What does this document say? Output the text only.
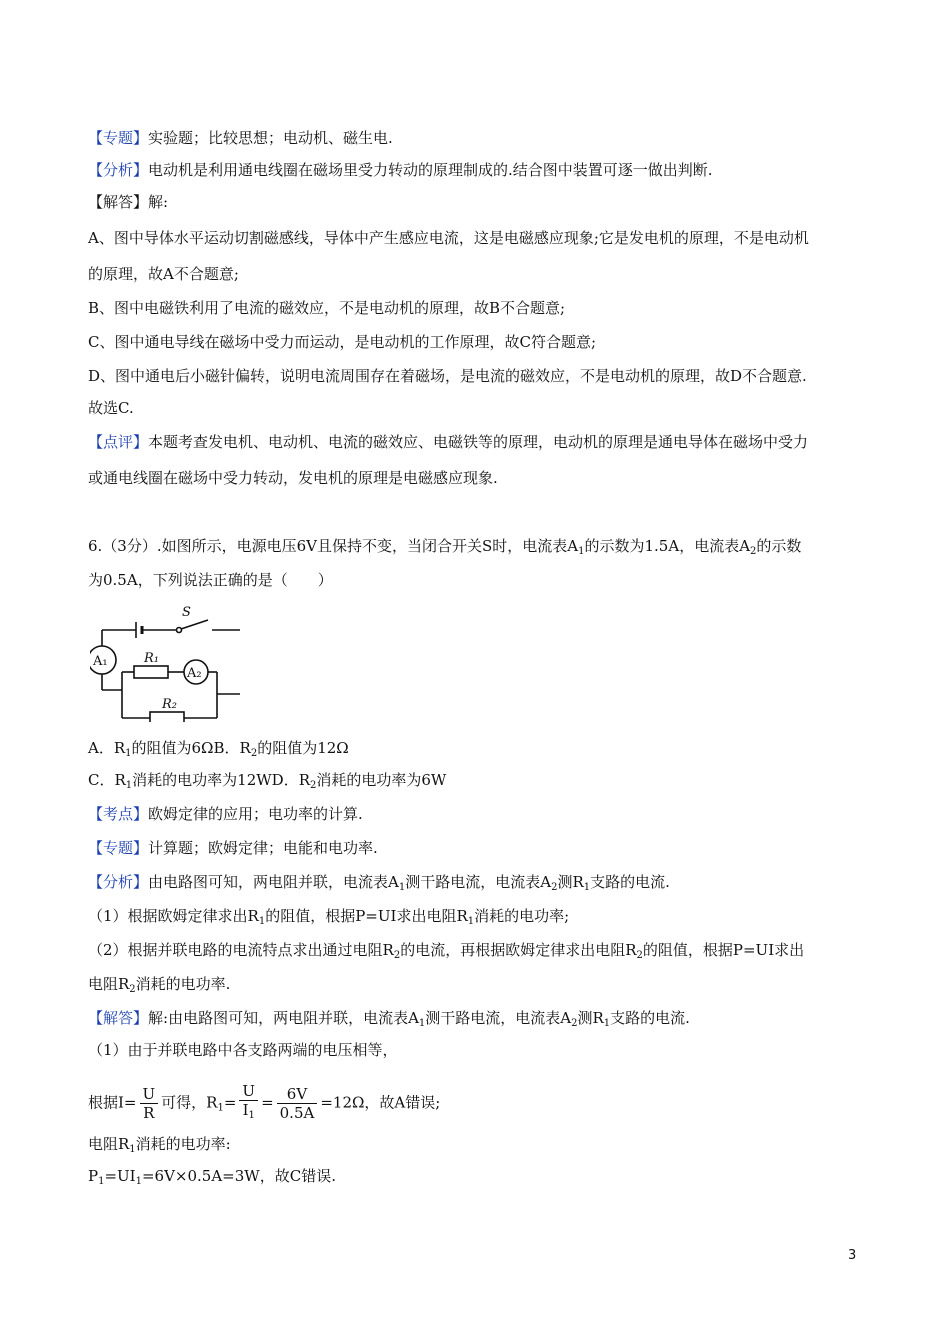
【专题】实验题；比较思想；电动机、磁生电.
【分析】电动机是利用通电线圈在磁场里受力转动的原理制成的.结合图中装置可逐一做出判断.
【解答】解:
A、图中导体水平运动切割磁感线，导体中产生感应电流，这是电磁感应现象;它是发电机的原理，不是电动机
的原理，故A不合题意;
B、图中电磁铁利用了电流的磁效应，不是电动机的原理，故B不合题意;
C、图中通电导线在磁场中受力而运动，是电动机的工作原理，故C符合题意;
D、图中通电后小磁针偏转，说明电流周围存在着磁场，是电流的磁效应，不是电动机的原理，故D不合题意.
故选C.
【点评】本题考查发电机、电动机、电流的磁效应、电磁铁等的原理，电动机的原理是通电导体在磁场中受力
或通电线圈在磁场中受力转动，发电机的原理是电磁感应现象.
6.（3分）.如图所示，电源电压6V且保持不变，当闭合开关S时，电流表$A_1$的示数为1.5A，电流表$A_2$的示数
为0.5A，下列说法正确的是（　　）
S
A₁	R₁
A₂
R₂
A．$R_1$的阻值为6ΩB．$R_2$的阻值为12Ω
C．$R_1$消耗的电功率为12WD．$R_2$消耗的电功率为6W
【考点】欧姆定律的应用；电功率的计算.
【专题】计算题；欧姆定律；电能和电功率.
【分析】由电路图可知，两电阻并联，电流表$A_1$测干路电流，电流表$A_2$测$R_1$支路的电流.
（1）根据欧姆定律求出$R_1$的阻值，根据P=UI求出电阻$R_1$消耗的电功率;
（2）根据并联电路的电流特点求出通过电阻$R_2$的电流，再根据欧姆定律求出电阻$R_2$的阻值，根据P=UI求出
电阻$R_2$消耗的电功率.
【解答】解:由电路图可知，两电阻并联，电流表$A_1$测干路电流，电流表$A_2$测$R_1$支路的电流.
（1）由于并联电路中各支路两端的电压相等，
根据$I= \frac{U}{R}$ 可得，$R_1= \frac{U}{I_1} = \frac{6V}{0.5A} =12\Omega$，故A错误;
电阻$R_1$消耗的电功率:
$P_1=UI_1=6V\times 0.5A=3W$，故C错误.
3
